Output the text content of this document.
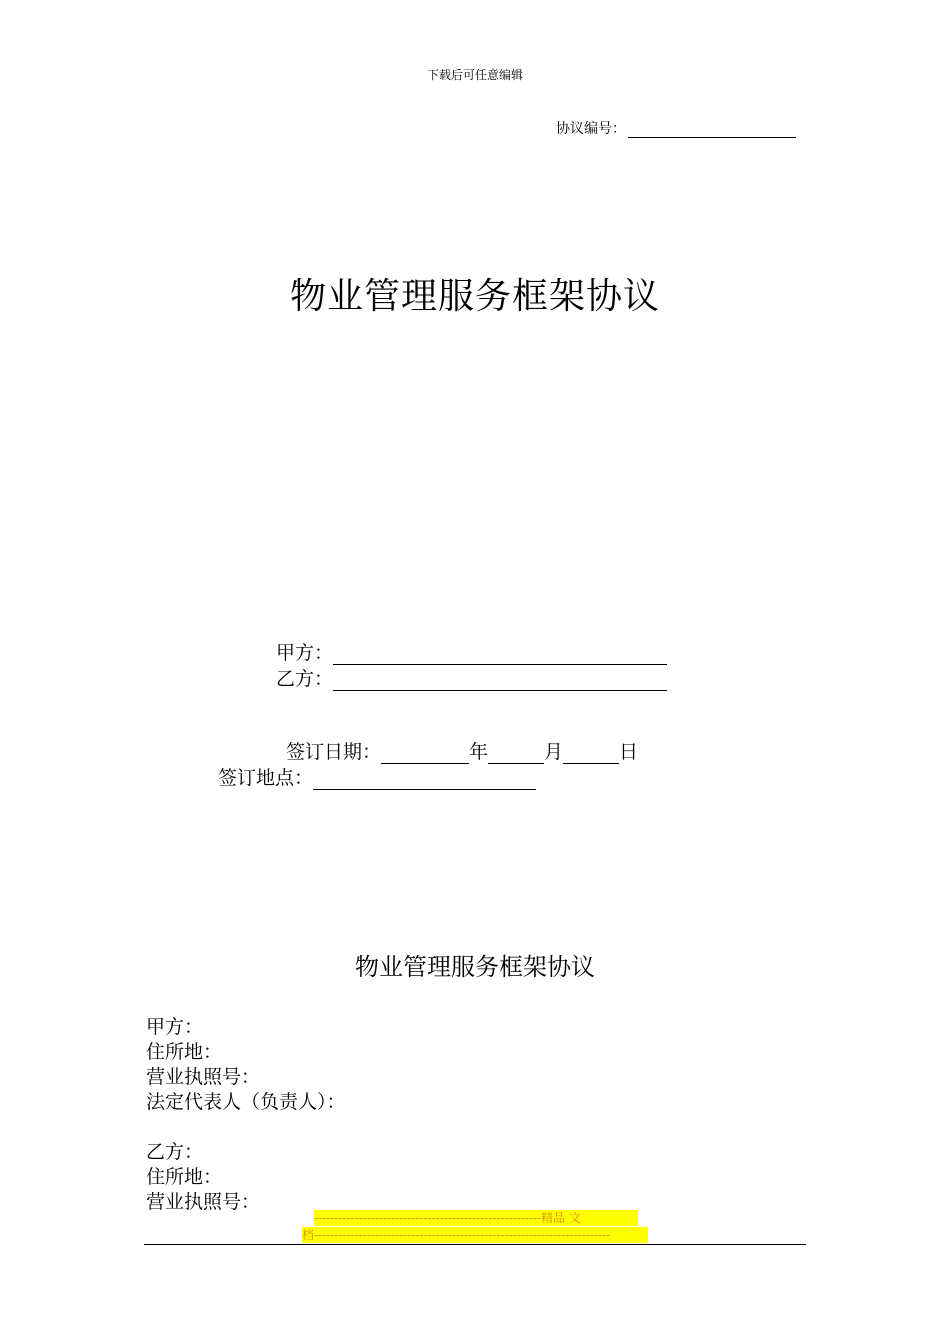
下载后可任意编辑
协议编号：
物业管理服务框架协议
甲方：
乙方：
签订日期：	年	月	日
签订地点：
物业管理服务框架协议
甲方：
住所地：
营业执照号：
法定代表人（负责人）：
乙方：
住所地：
营业执照号：
--------------------------------------------------------精品 文
档-------------------------------------------------------------------------
